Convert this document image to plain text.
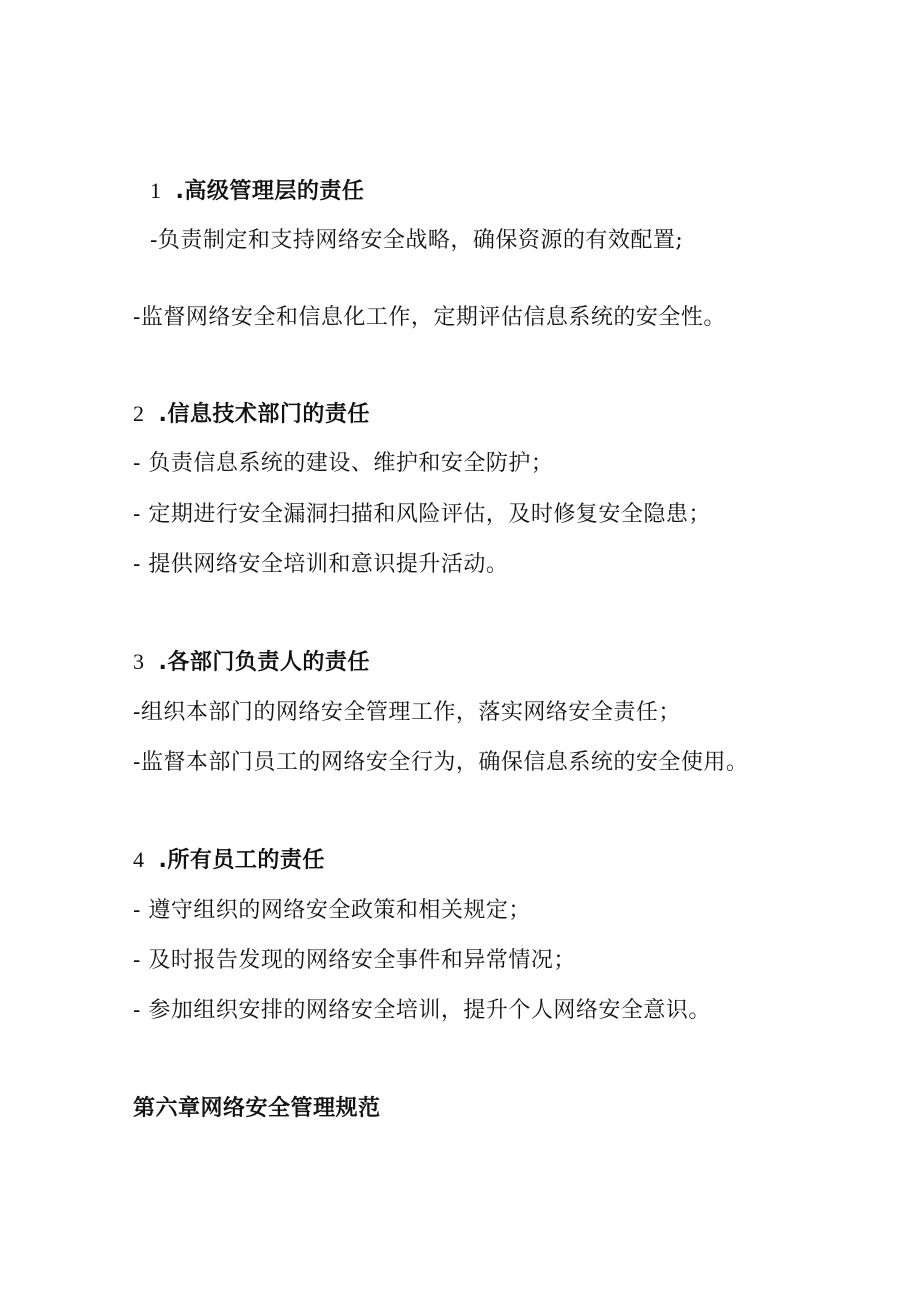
1 .高级管理层的责任
-负责制定和支持网络安全战略，确保资源的有效配置;
-监督网络安全和信息化工作，定期评估信息系统的安全性。
2 .信息技术部门的责任
- 负责信息系统的建设、维护和安全防护；
- 定期进行安全漏洞扫描和风险评估，及时修复安全隐患；
- 提供网络安全培训和意识提升活动。
3 .各部门负责人的责任
-组织本部门的网络安全管理工作，落实网络安全责任；
-监督本部门员工的网络安全行为，确保信息系统的安全使用。
4 .所有员工的责任
- 遵守组织的网络安全政策和相关规定；
- 及时报告发现的网络安全事件和异常情况；
- 参加组织安排的网络安全培训，提升个人网络安全意识。
第六章网络安全管理规范
